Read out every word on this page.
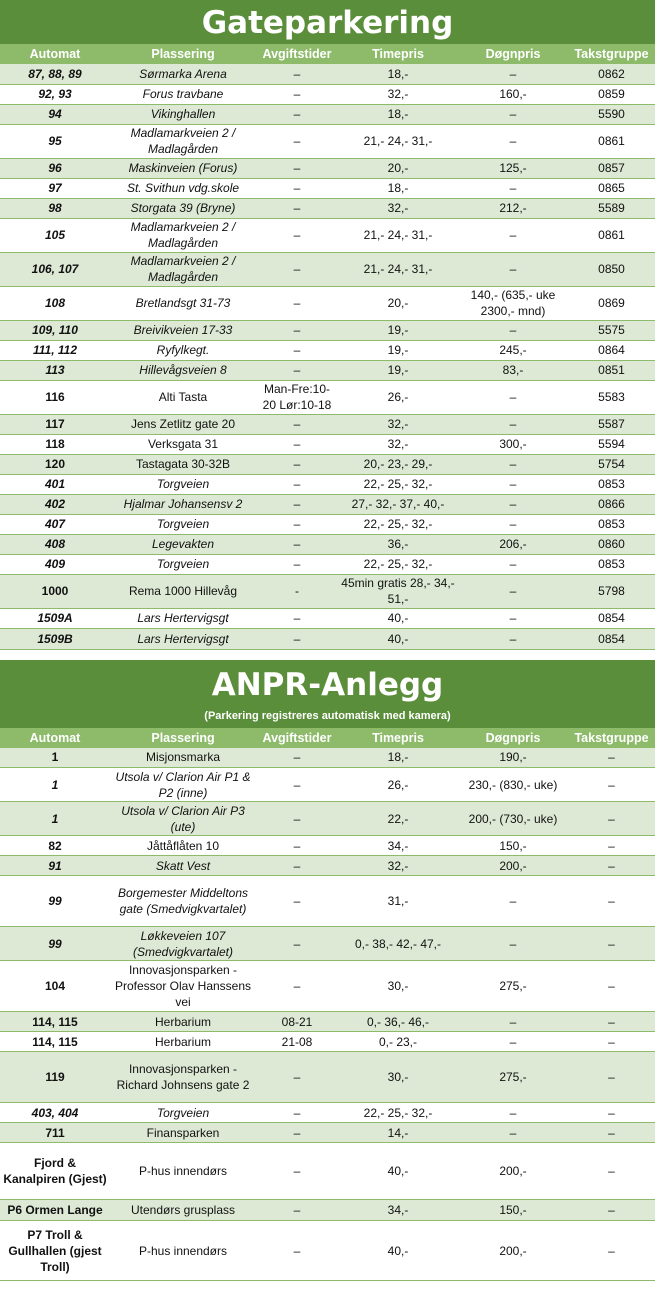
Gateparkering
Automat	Plassering	Avgiftstider	Timepris	Døgnpris	Takstgruppe
87, 88, 89	Sørmarka Arena	–	18,-	–	0862
92, 93	Forus travbane	–	32,-	160,-	0859
94	Vikinghallen	–	18,-	–	5590
95	Madlamarkveien 2 / Madlagården	–	21,- 24,- 31,-	–	0861
96	Maskinveien (Forus)	–	20,-	125,-	0857
97	St. Svithun vdg.skole	–	18,-	–	0865
98	Storgata 39 (Bryne)	–	32,-	212,-	5589
105	Madlamarkveien 2 / Madlagården	–	21,- 24,- 31,-	–	0861
106, 107	Madlamarkveien 2 / Madlagården	–	21,- 24,- 31,-	–	0850
108	Bretlandsgt 31-73	–	20,-	140,- (635,- uke 2300,- mnd)	0869
109, 110	Breivikveien 17-33	–	19,-	–	5575
111, 112	Ryfylkegt.	–	19,-	245,-	0864
113	Hillevågsveien 8	–	19,-	83,-	0851
116	Alti Tasta	Man-Fre:10-20 Lør:10-18	26,-	–	5583
117	Jens Zetlitz gate 20	–	32,-	–	5587
118	Verksgata 31	–	32,-	300,-	5594
120	Tastagata 30-32B	–	20,- 23,- 29,-	–	5754
401	Torgveien	–	22,- 25,- 32,-	–	0853
402	Hjalmar Johansensv 2	–	27,- 32,- 37,- 40,-	–	0866
407	Torgveien	–	22,- 25,- 32,-	–	0853
408	Legevakten	–	36,-	206,-	0860
409	Torgveien	–	22,- 25,- 32,-	–	0853
1000	Rema 1000 Hillevåg	-	45min gratis 28,- 34,- 51,-	–	5798
1509A	Lars Hertervigsgt	–	40,-	–	0854
1509B	Lars Hertervigsgt	–	40,-	–	0854
ANPR-Anlegg
(Parkering registreres automatisk med kamera)
Automat	Plassering	Avgiftstider	Timepris	Døgnpris	Takstgruppe
1	Misjonsmarka	–	18,-	190,-	–
1	Utsola v/ Clarion Air P1 & P2 (inne)	–	26,-	230,- (830,- uke)	–
1	Utsola v/ Clarion Air P3 (ute)	–	22,-	200,- (730,- uke)	–
82	Jåttåflåten 10	–	34,-	150,-	–
91	Skatt Vest	–	32,-	200,-	–
99	Borgemester Middeltons gate (Smedvigkvartalet)	–	31,-	–	–
99	Løkkeveien 107 (Smedvigkvartalet)	–	0,- 38,- 42,- 47,-	–	–
104	Innovasjonsparken - Professor Olav Hanssens vei	–	30,-	275,-	–
114, 115	Herbarium	08-21	0,- 36,- 46,-	–	–
114, 115	Herbarium	21-08	0,- 23,-	–	–
119	Innovasjonsparken - Richard Johnsens gate 2	–	30,-	275,-	–
403, 404	Torgveien	–	22,- 25,- 32,-	–	–
711	Finansparken	–	14,-	–	–
Fjord & Kanalpiren (Gjest)	P-hus innendørs	–	40,-	200,-	–
P6 Ormen Lange	Utendørs grusplass	–	34,-	150,-	–
P7 Troll & Gullhallen (gjest Troll)	P-hus innendørs	–	40,-	200,-	–
